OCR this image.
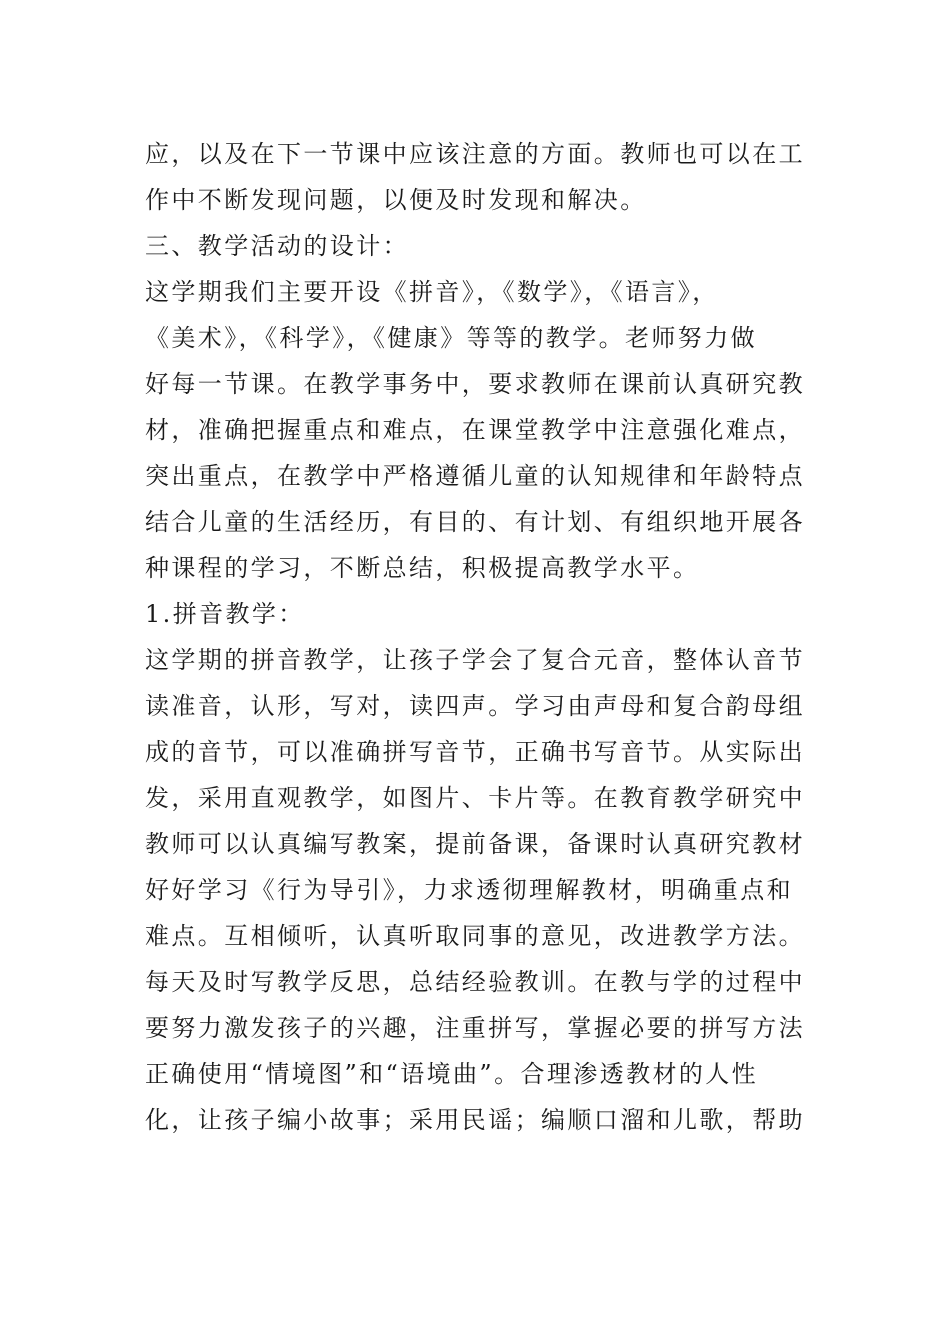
应，以及在下一节课中应该注意的方面。教师也可以在工
作中不断发现问题，以便及时发现和解决。
三、教学活动的设计：
这学期我们主要开设《拼音》，《数学》，《语言》，
《美术》，《科学》，《健康》等等的教学。老师努力做
好每一节课。在教学事务中，要求教师在课前认真研究教
材，准确把握重点和难点，在课堂教学中注意强化难点，
突出重点，在教学中严格遵循儿童的认知规律和年龄特点
结合儿童的生活经历，有目的、有计划、有组织地开展各
种课程的学习，不断总结，积极提高教学水平。
1.拼音教学：
这学期的拼音教学，让孩子学会了复合元音，整体认音节
读准音，认形，写对，读四声。学习由声母和复合韵母组
成的音节，可以准确拼写音节，正确书写音节。从实际出
发，采用直观教学，如图片、卡片等。在教育教学研究中
教师可以认真编写教案，提前备课，备课时认真研究教材
好好学习《行为导引》，力求透彻理解教材，明确重点和
难点。互相倾听，认真听取同事的意见，改进教学方法。
每天及时写教学反思，总结经验教训。在教与学的过程中
要努力激发孩子的兴趣，注重拼写，掌握必要的拼写方法
正确使用“情境图”和“语境曲”。合理渗透教材的人性
化，让孩子编小故事；采用民谣；编顺口溜和儿歌，帮助
